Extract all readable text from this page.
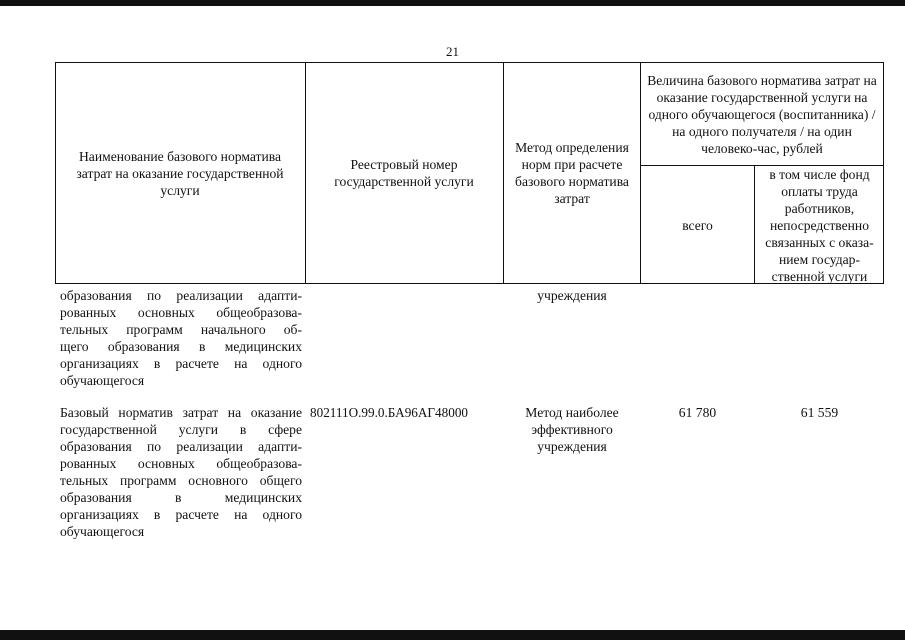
21
Наименование базового норматива затрат на оказание государственной услуги
Реестровый номер государственной услуги
Метод определения норм при расчете базового норматива затрат
Величина базового норматива затрат на оказание государственной услуги на одного обучающегося (воспитанника) / на одного получателя / на один человеко-час, рублей
всего
в том числе фонд оплаты труда работников, непосредственно связанных с оказа-нием государ-ственной услуги
образования по реализации адапти-
рованных основных общеобразова-
тельных программ начального об-
щего образования в медицинских
организациях в расчете на одного
обучающегося
учреждения
Базовый норматив затрат на оказание
государственной услуги в сфере
образования по реализации адапти-
рованных основных общеобразова-
тельных программ основного общего
образования в медицинских
организациях в расчете на одного
обучающегося
802111О.99.0.БА96АГ48000	Метод наиболее эффективного учреждения
61 780	61 559
